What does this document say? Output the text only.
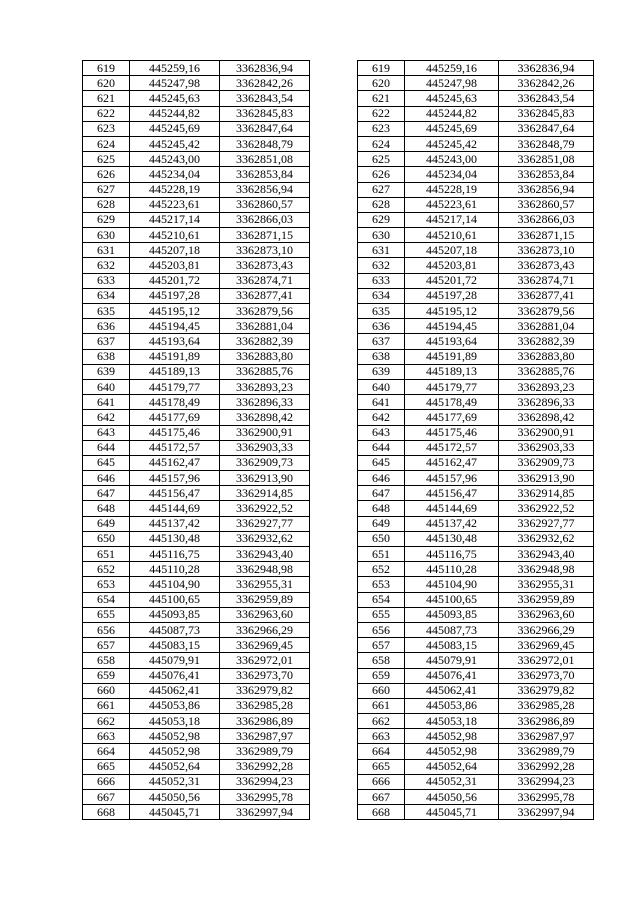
619	445259,16	3362836,94
620	445247,98	3362842,26
621	445245,63	3362843,54
622	445244,82	3362845,83
623	445245,69	3362847,64
624	445245,42	3362848,79
625	445243,00	3362851,08
626	445234,04	3362853,84
627	445228,19	3362856,94
628	445223,61	3362860,57
629	445217,14	3362866,03
630	445210,61	3362871,15
631	445207,18	3362873,10
632	445203,81	3362873,43
633	445201,72	3362874,71
634	445197,28	3362877,41
635	445195,12	3362879,56
636	445194,45	3362881,04
637	445193,64	3362882,39
638	445191,89	3362883,80
639	445189,13	3362885,76
640	445179,77	3362893,23
641	445178,49	3362896,33
642	445177,69	3362898,42
643	445175,46	3362900,91
644	445172,57	3362903,33
645	445162,47	3362909,73
646	445157,96	3362913,90
647	445156,47	3362914,85
648	445144,69	3362922,52
649	445137,42	3362927,77
650	445130,48	3362932,62
651	445116,75	3362943,40
652	445110,28	3362948,98
653	445104,90	3362955,31
654	445100,65	3362959,89
655	445093,85	3362963,60
656	445087,73	3362966,29
657	445083,15	3362969,45
658	445079,91	3362972,01
659	445076,41	3362973,70
660	445062,41	3362979,82
661	445053,86	3362985,28
662	445053,18	3362986,89
663	445052,98	3362987,97
664	445052,98	3362989,79
665	445052,64	3362992,28
666	445052,31	3362994,23
667	445050,56	3362995,78
668	445045,71	3362997,94
619	445259,16	3362836,94
620	445247,98	3362842,26
621	445245,63	3362843,54
622	445244,82	3362845,83
623	445245,69	3362847,64
624	445245,42	3362848,79
625	445243,00	3362851,08
626	445234,04	3362853,84
627	445228,19	3362856,94
628	445223,61	3362860,57
629	445217,14	3362866,03
630	445210,61	3362871,15
631	445207,18	3362873,10
632	445203,81	3362873,43
633	445201,72	3362874,71
634	445197,28	3362877,41
635	445195,12	3362879,56
636	445194,45	3362881,04
637	445193,64	3362882,39
638	445191,89	3362883,80
639	445189,13	3362885,76
640	445179,77	3362893,23
641	445178,49	3362896,33
642	445177,69	3362898,42
643	445175,46	3362900,91
644	445172,57	3362903,33
645	445162,47	3362909,73
646	445157,96	3362913,90
647	445156,47	3362914,85
648	445144,69	3362922,52
649	445137,42	3362927,77
650	445130,48	3362932,62
651	445116,75	3362943,40
652	445110,28	3362948,98
653	445104,90	3362955,31
654	445100,65	3362959,89
655	445093,85	3362963,60
656	445087,73	3362966,29
657	445083,15	3362969,45
658	445079,91	3362972,01
659	445076,41	3362973,70
660	445062,41	3362979,82
661	445053,86	3362985,28
662	445053,18	3362986,89
663	445052,98	3362987,97
664	445052,98	3362989,79
665	445052,64	3362992,28
666	445052,31	3362994,23
667	445050,56	3362995,78
668	445045,71	3362997,94
